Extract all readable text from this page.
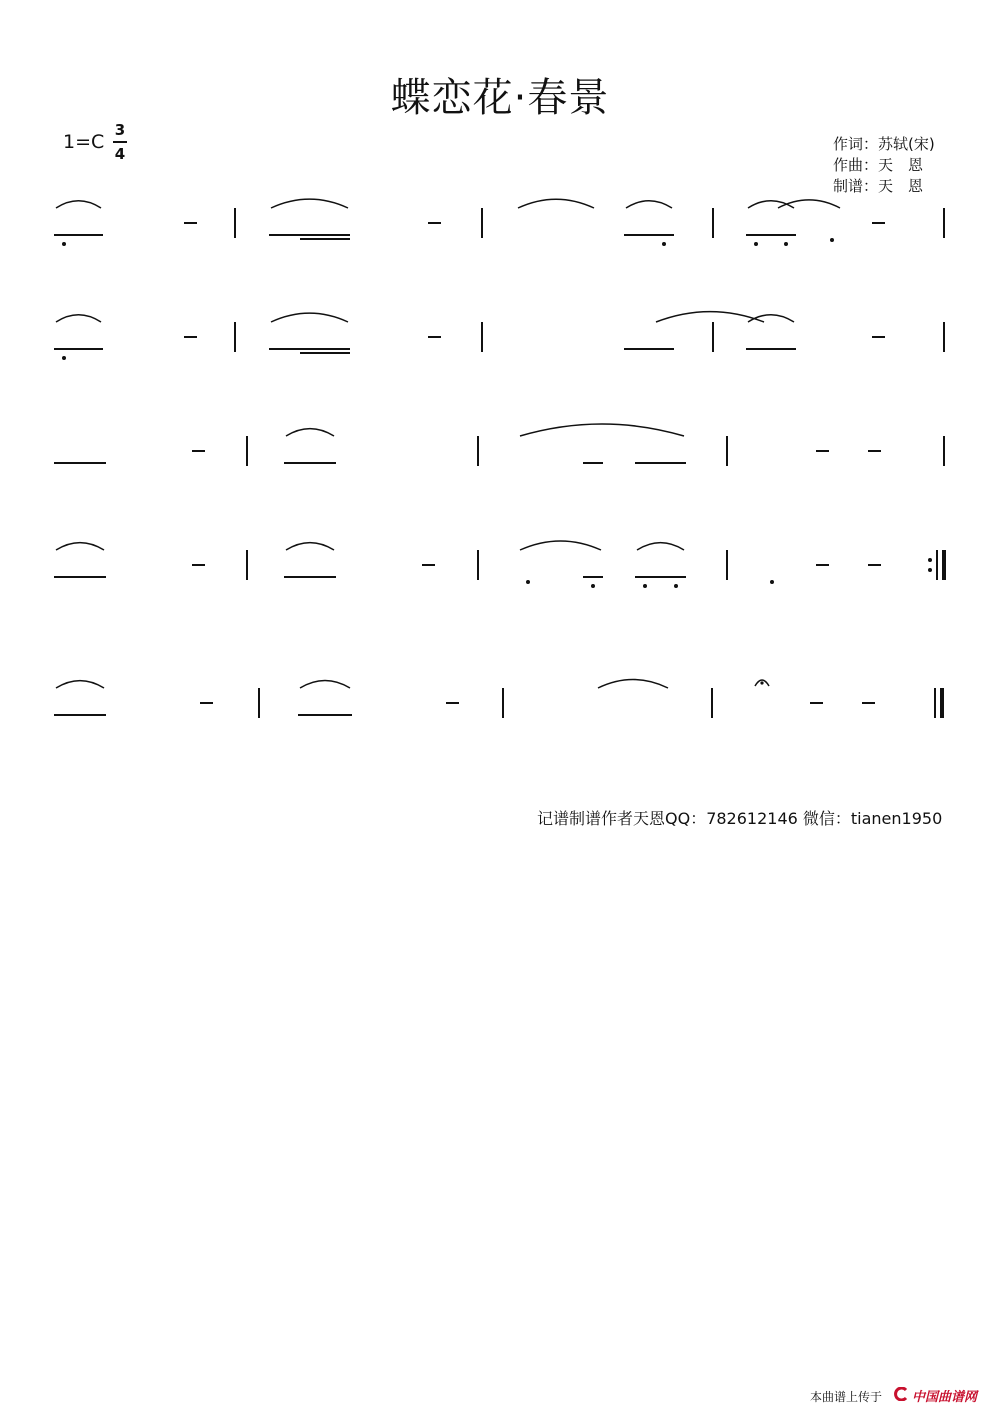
蝶恋花·春景
1=C
3
4
作词：苏轼(宋)
作曲：天　恩
制谱：天　恩
记谱制谱作者天恩QQ：782612146 微信：tianen1950
本曲谱上传于 中国曲谱网
